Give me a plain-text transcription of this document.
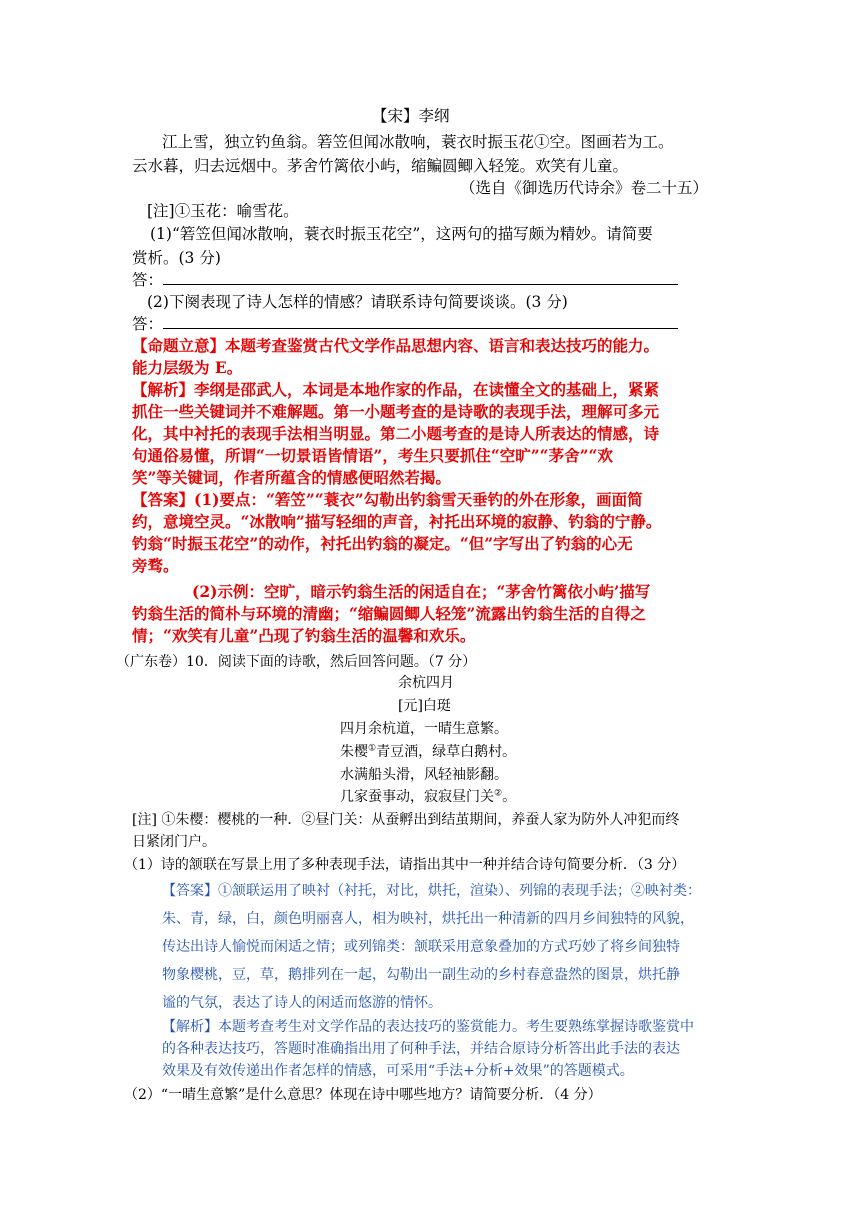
【宋】李纲
江上雪，独立钓鱼翁。箬笠但闻冰散响，蓑衣时振玉花①空。图画若为工。
云水暮，归去远烟中。茅舍竹篱依小屿，缩鳊圆鲫入轻笼。欢笑有儿童。
（选自《御选历代诗余》卷二十五）
[注]①玉花：喻雪花。
(1)“箬笠但闻冰散响，蓑衣时振玉花空”，这两句的描写颇为精妙。请简要
赏析。(3 分)
答：
(2)下阕表现了诗人怎样的情感？请联系诗句简要谈谈。(3 分)
答：
【命题立意】本题考查鉴赏古代文学作品思想内容、语言和表达技巧的能力。
能力层级为 E。
【解析】李纲是邵武人，本词是本地作家的作品，在读懂全文的基础上，紧紧
抓住一些关键词并不难解题。第一小题考查的是诗歌的表现手法，理解可多元
化，其中衬托的表现手法相当明显。第二小题考查的是诗人所表达的情感，诗
句通俗易懂，所谓“一切景语皆情语”，考生只要抓住“空旷”“茅舍”“欢
笑”等关键词，作者所蕴含的情感便昭然若揭。
【答案】(1)要点：“箬笠”“蓑衣”勾勒出钓翁雪天垂钓的外在形象，画面简
约，意境空灵。“冰散响”描写轻细的声音，衬托出环境的寂静、钓翁的宁静。
钓翁“时振玉花空”的动作，衬托出钓翁的凝定。“但”字写出了钓翁的心无
旁骛。
(2)示例：空旷，暗示钓翁生活的闲适自在；“茅舍竹篱依小屿’描写
钓翁生活的简朴与环境的清幽；“缩鳊圆鲫人轻笼”流露出钓翁生活的自得之
情；“欢笑有儿童”凸现了钓翁生活的温馨和欢乐。
（广东卷）10．阅读下面的诗歌，然后回答问题。（7 分）
余杭四月
[元]白珽
四月余杭道，一晴生意繁。
朱樱①青豆酒，绿草白鹅村。
水满船头滑，风轻袖影翻。
几家蚕事动，寂寂昼门关②。
[注] ①朱樱：樱桃的一种．②昼门关：从蚕孵出到结茧期间，养蚕人家为防外人冲犯而终
日紧闭门户。
（1）诗的颔联在写景上用了多种表现手法，请指出其中一种并结合诗句简要分析．（3 分）
【答案】①颔联运用了映衬（衬托，对比，烘托，渲染）、列锦的表现手法；②映衬类：
朱、青，绿，白，颜色明丽喜人，相为映衬，烘托出一种清新的四月乡间独特的风貌，
传达出诗人愉悦而闲适之情；或列锦类：颔联采用意象叠加的方式巧妙了将乡间独特
物象樱桃，豆，草，鹅排列在一起，勾勒出一副生动的乡村春意盎然的图景，烘托静
谧的气氛，表达了诗人的闲适而悠游的情怀。
【解析】本题考查考生对文学作品的表达技巧的鉴赏能力。考生要熟练掌握诗歌鉴赏中
的各种表达技巧，答题时准确指出用了何种手法，并结合原诗分析答出此手法的表达
效果及有效传递出作者怎样的情感，可采用“手法+分析+效果”的答题模式。
（2）“一晴生意繁”是什么意思？体现在诗中哪些地方？请简要分析．（4 分）
